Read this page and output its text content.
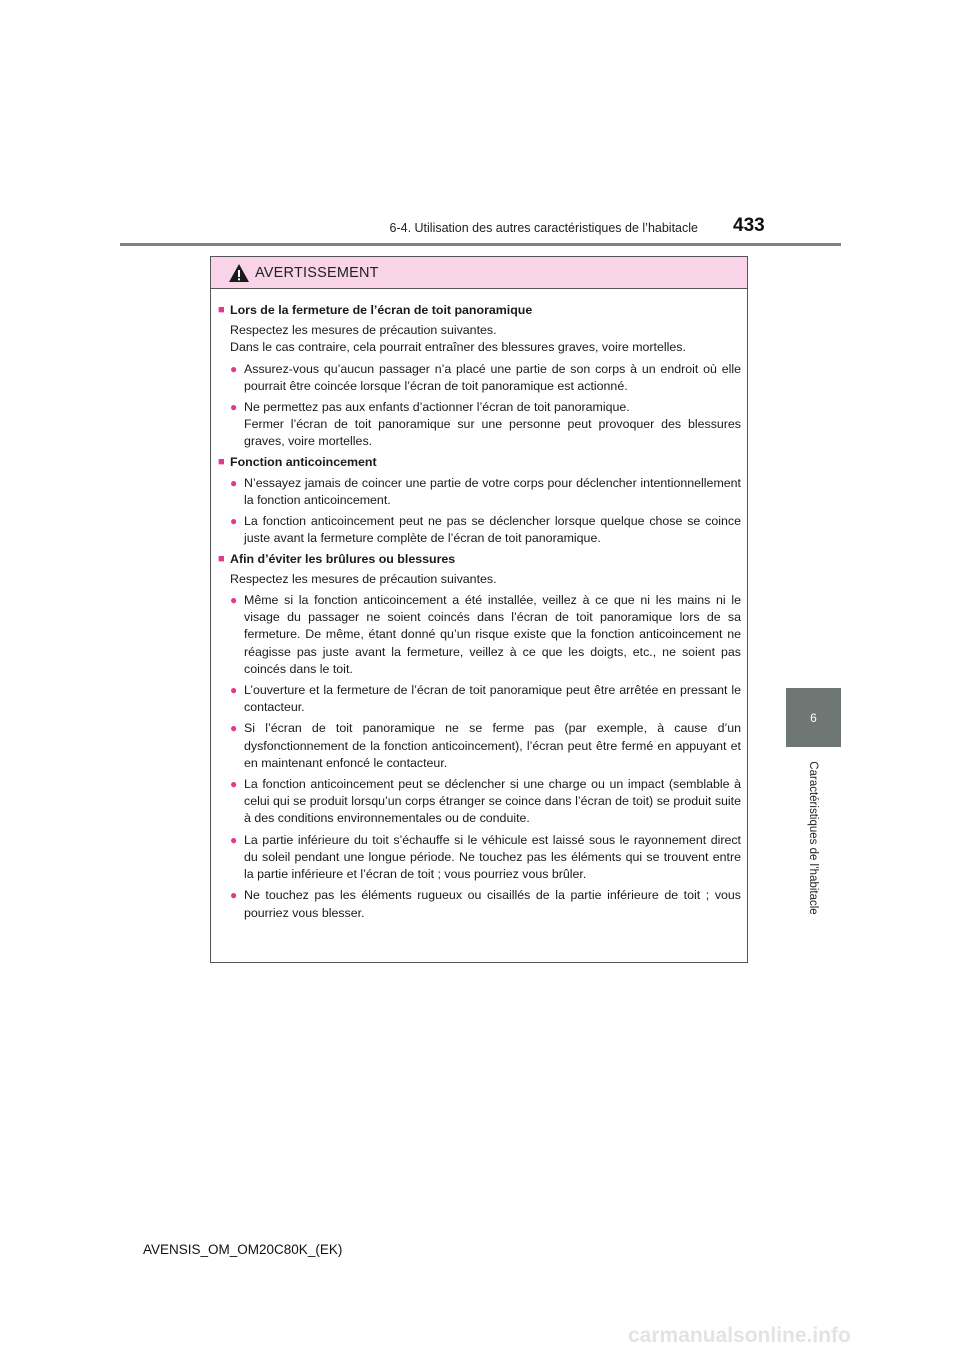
6-4. Utilisation des autres caractéristiques de l’habitacle 433
6
Caractéristiques de l’habitacle
AVERTISSEMENT
■ Lors de la fermeture de l’écran de toit panoramique
Respectez les mesures de précaution suivantes.
Dans le cas contraire, cela pourrait entraîner des blessures graves, voire mortelles.
● Assurez-vous qu’aucun passager n’a placé une partie de son corps à un endroit où elle pourrait être coincée lorsque l’écran de toit panoramique est actionné.
● Ne permettez pas aux enfants d’actionner l’écran de toit panoramique.
Fermer l’écran de toit panoramique sur une personne peut provoquer des blessures graves, voire mortelles.
■ Fonction anticoincement
● N’essayez jamais de coincer une partie de votre corps pour déclencher intentionnellement la fonction anticoincement.
● La fonction anticoincement peut ne pas se déclencher lorsque quelque chose se coince juste avant la fermeture complète de l’écran de toit panoramique.
■ Afin d’éviter les brûlures ou blessures
Respectez les mesures de précaution suivantes.
● Même si la fonction anticoincement a été installée, veillez à ce que ni les mains ni le visage du passager ne soient coincés dans l’écran de toit panoramique lors de sa fermeture. De même, étant donné qu’un risque existe que la fonction anticoincement ne réagisse pas juste avant la fermeture, veillez à ce que les doigts, etc., ne soient pas coincés dans le toit.
● L’ouverture et la fermeture de l’écran de toit panoramique peut être arrêtée en pressant le contacteur.
● Si l’écran de toit panoramique ne se ferme pas (par exemple, à cause d’un dysfonctionnement de la fonction anticoincement), l’écran peut être fermé en appuyant et en maintenant enfoncé le contacteur.
● La fonction anticoincement peut se déclencher si une charge ou un impact (semblable à celui qui se produit lorsqu’un corps étranger se coince dans l’écran de toit) se produit suite à des conditions environnementales ou de conduite.
● La partie inférieure du toit s’échauffe si le véhicule est laissé sous le rayonnement direct du soleil pendant une longue période. Ne touchez pas les éléments qui se trouvent entre la partie inférieure et l’écran de toit ; vous pourriez vous brûler.
● Ne touchez pas les éléments rugueux ou cisaillés de la partie inférieure de toit ; vous pourriez vous blesser.
AVENSIS_OM_OM20C80K_(EK)
carmanualsonline.info
